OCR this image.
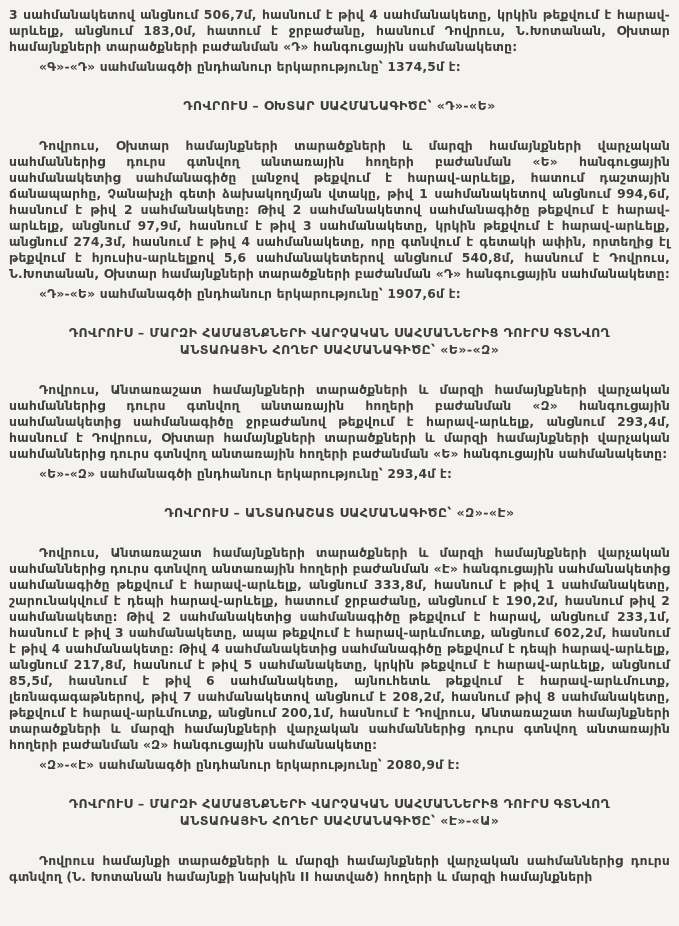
3 սահմանակետով անցնում 506,7մ, հասնում է թիվ 4 սահմանակետը, կրկին թեքվում է հարավ-արևելք, անցնում 183,0մ, հատում է ջրբաժանը, հասնում Դովրուս, Ն.Խոտանան, Օխտար համայնքների տարածքների բաժանման «Դ» հանգուցային սահմանակետը:

«Գ»-«Դ» սահմանագծի ընդհանուր երկարությունը՝ 1374,5մ է:

ԴՈՎՐՈՒՍ – ՕԽՏԱՐ ՍԱՀՄԱՆԱԳԻԾԸ՝ «Դ»-«Ե»

Դովրուս, Օխտար համայնքների տարածքների և մարզի համայնքների վարչական սահմաններից դուրս գտնվող անտառային հողերի բաժանման «Ե» հանգուցային սահմանակետից սահմանագիծը լանջով թեքվում է հարավ-արևելք, հատում դաշտային ճանապարհը, Չանախչի գետի ձախակողմյան վտակը, թիվ 1 սահմանակետով անցնում 994,6մ, հասնում է թիվ 2 սահմանակետը: Թիվ 2 սահմանակետով սահմանագիծը թեքվում է հարավ-արևելք, անցնում 97,9մ, հասնում է թիվ 3 սահմանակետը, կրկին թեքվում է հարավ-արևելք, անցնում 274,3մ, հասնում է թիվ 4 սահմանակետը, որը գտնվում է գետակի ափին, որտեղից էլ թեքվում է հյուսիս-արևելքով 5,6 սահմանակետերով անցնում 540,8մ, հասնում է Դովրուս, Ն.Խոտանան, Օխտար համայնքների տարածքների բաժանման «Դ» հանգուցային սահմանակետը:

«Դ»-«Ե» սահմանագծի ընդհանուր երկարությունը՝ 1907,6մ է:

ԴՈՎՐՈՒՍ – ՄԱՐԶԻ ՀԱՄԱՅՆՔՆԵՐԻ ՎԱՐՉԱԿԱՆ ՍԱՀՄԱՆՆԵՐԻՑ ԴՈՒՐՍ ԳՏՆՎՈՂ ԱՆՏԱՌԱՅԻՆ ՀՈՂԵՐ ՍԱՀՄԱՆԱԳԻԾԸ՝ «Ե»-«Զ»

Դովրուս, Անտառաշատ համայնքների տարածքների և մարզի համայնքների վարչական սահմաններից դուրս գտնվող անտառային հողերի բաժանման «Զ» հանգուցային սահմանակետից սահմանագիծը ջրբաժանով թեքվում է հարավ-արևելք, անցնում 293,4մ, հասնում է Դովրուս, Օխտար համայնքների տարածքների և մարզի համայնքների վարչական սահմաններից դուրս գտնվող անտառային հողերի բաժանման «Ե» հանգուցային սահմանակետը:

«Ե»-«Զ» սահմանագծի ընդհանուր երկարությունը՝ 293,4մ է:

ԴՈՎՐՈՒՍ – ԱՆՏԱՌԱՇԱՏ ՍԱՀՄԱՆԱԳԻԾԸ՝ «Զ»-«Է»

Դովրուս, Անտառաշատ համայնքների տարածքների և մարզի համայնքների վարչական սահմաններից դուրս գտնվող անտառային հողերի բաժանման «Է» հանգուցային սահմանակետից սահմանագիծը թեքվում է հարավ-արևելք, անցնում 333,8մ, հասնում է թիվ 1 սահմանակետը, շարունակվում է դեպի հարավ-արևելք, հատում ջրբաժանը, անցնում է 190,2մ, հասնում թիվ 2 սահմանակետը: Թիվ 2 սահմանակետից սահմանագիծը թեքվում է հարավ, անցնում 233,1մ, հասնում է թիվ 3 սահմանակետը, ապա թեքվում է հարավ-արևմուտք, անցնում 602,2մ, հասնում է թիվ 4 սահմանակետը: Թիվ 4 սահմանակետից սահմանագիծը թեքվում է դեպի հարավ-արևելք, անցնում 217,8մ, հասնում է թիվ 5 սահմանակետը, կրկին թեքվում է հարավ-արևելք, անցնում 85,5մ, հասնում է թիվ 6 սահմանակետը, այնուհետև թեքվում է հարավ-արևմուտք, լեռնագագաթներով, թիվ 7 սահմանակետով անցնում է 208,2մ, հասնում թիվ 8 սահմանակետը, թեքվում է հարավ-արևմուտք, անցնում 200,1մ, հասնում է Դովրուս, Անտառաշատ համայնքների տարածքների և մարզի համայնքների վարչական սահմաններից դուրս գտնվող անտառային հողերի բաժանման «Զ» հանգուցային սահմանակետը:

«Զ»-«Է» սահմանագծի ընդհանուր երկարությունը՝ 2080,9մ է:

ԴՈՎՐՈՒՍ – ՄԱՐԶԻ ՀԱՄԱՅՆՔՆԵՐԻ ՎԱՐՉԱԿԱՆ ՍԱՀՄԱՆՆԵՐԻՑ ԴՈՒՐՍ ԳՏՆՎՈՂ ԱՆՏԱՌԱՅԻՆ ՀՈՂԵՐ ՍԱՀՄԱՆԱԳԻԾԸ՝ «Է»-«Ա»

Դովրուս համայնքի տարածքների և մարզի համայնքների վարչական սահմաններից դուրս գտնվող (Ն. Խոտանան համայնքի նախկին II հատված) հողերի և մարզի համայնքների
